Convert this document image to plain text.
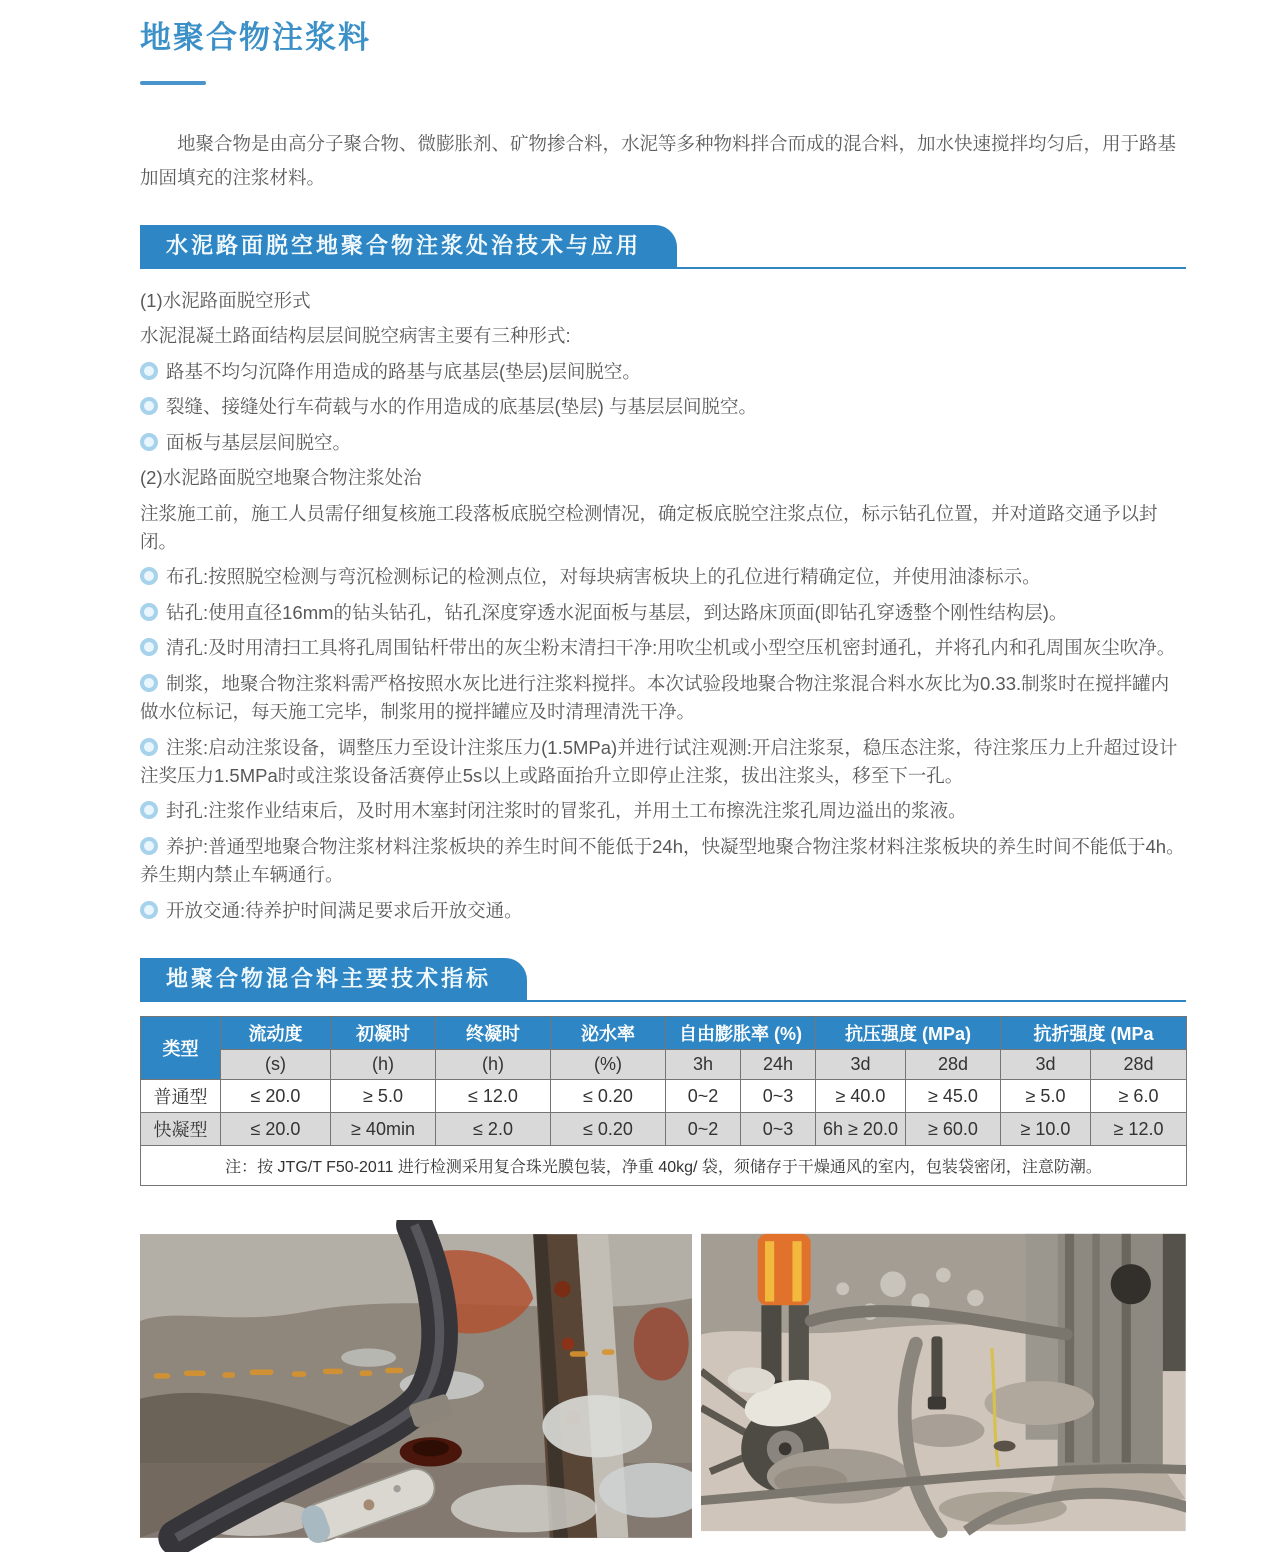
地聚合物注浆料

地聚合物是由高分子聚合物、微膨胀剂、矿物掺合料，水泥等多种物料拌合而成的混合料，加水快速搅拌均匀后，用于路基加固填充的注浆材料。

水泥路面脱空地聚合物注浆处治技术与应用

(1)水泥路面脱空形式

水泥混凝土路面结构层层间脱空病害主要有三种形式:

路基不均匀沉降作用造成的路基与底基层(垫层)层间脱空。

裂缝、接缝处行车荷载与水的作用造成的底基层(垫层) 与基层层间脱空。

面板与基层层间脱空。

(2)水泥路面脱空地聚合物注浆处治

注浆施工前，施工人员需仔细复核施工段落板底脱空检测情况，确定板底脱空注浆点位，标示钻孔位置，并对道路交通予以封闭。

布孔:按照脱空检测与弯沉检测标记的检测点位，对每块病害板块上的孔位进行精确定位，并使用油漆标示。

钻孔:使用直径16mm的钻头钻孔，钻孔深度穿透水泥面板与基层，到达路床顶面(即钻孔穿透整个刚性结构层)。

清孔:及时用清扫工具将孔周围钻杆带出的灰尘粉末清扫干净:用吹尘机或小型空压机密封通孔，并将孔内和孔周围灰尘吹净。

制浆，地聚合物注浆料需严格按照水灰比进行注浆料搅拌。本次试验段地聚合物注浆混合料水灰比为0.33.制浆时在搅拌罐内做水位标记，每天施工完毕，制浆用的搅拌罐应及时清理清洗干净。

注浆:启动注浆设备，调整压力至设计注浆压力(1.5MPa)并进行试注观测:开启注浆泵，稳压态注浆，待注浆压力上升超过设计注奖压力1.5MPa时或注浆设备活赛停止5s以上或路面抬升立即停止注浆，拔出注浆头，移至下一孔。

封孔:注浆作业结束后，及时用木塞封闭注浆时的冒浆孔，并用土工布擦洗注浆孔周边溢出的浆液。

养护:普通型地聚合物注浆材料注浆板块的养生时间不能低于24h，快凝型地聚合物注浆材料注浆板块的养生时间不能低于4h。养生期内禁止车辆通行。

开放交通:待养护时间满足要求后开放交通。

地聚合物混合料主要技术指标
类型	流动度	初凝时	终凝时	泌水率	自由膨胀率 (%)		抗压强度 (MPa)		抗折强度 (MPa	
	(s)	(h)	(h)	(%)	3h	24h	3d	28d	3d	28d
普通型	≤ 20.0	≥ 5.0	≤ 12.0	≤ 0.20	0~2	0~3	≥ 40.0	≥ 45.0	≥ 5.0	≥ 6.0
快凝型	≤ 20.0	≥ 40min	≤ 2.0	≤ 0.20	0~2	0~3	6h ≥ 20.0	≥ 60.0	≥ 10.0	≥ 12.0
注：按 JTG/T F50-2011 进行检测采用复合珠光膜包装，净重 40kg/ 袋，须储存于干燥通风的室内，包装袋密闭，注意防潮。										
